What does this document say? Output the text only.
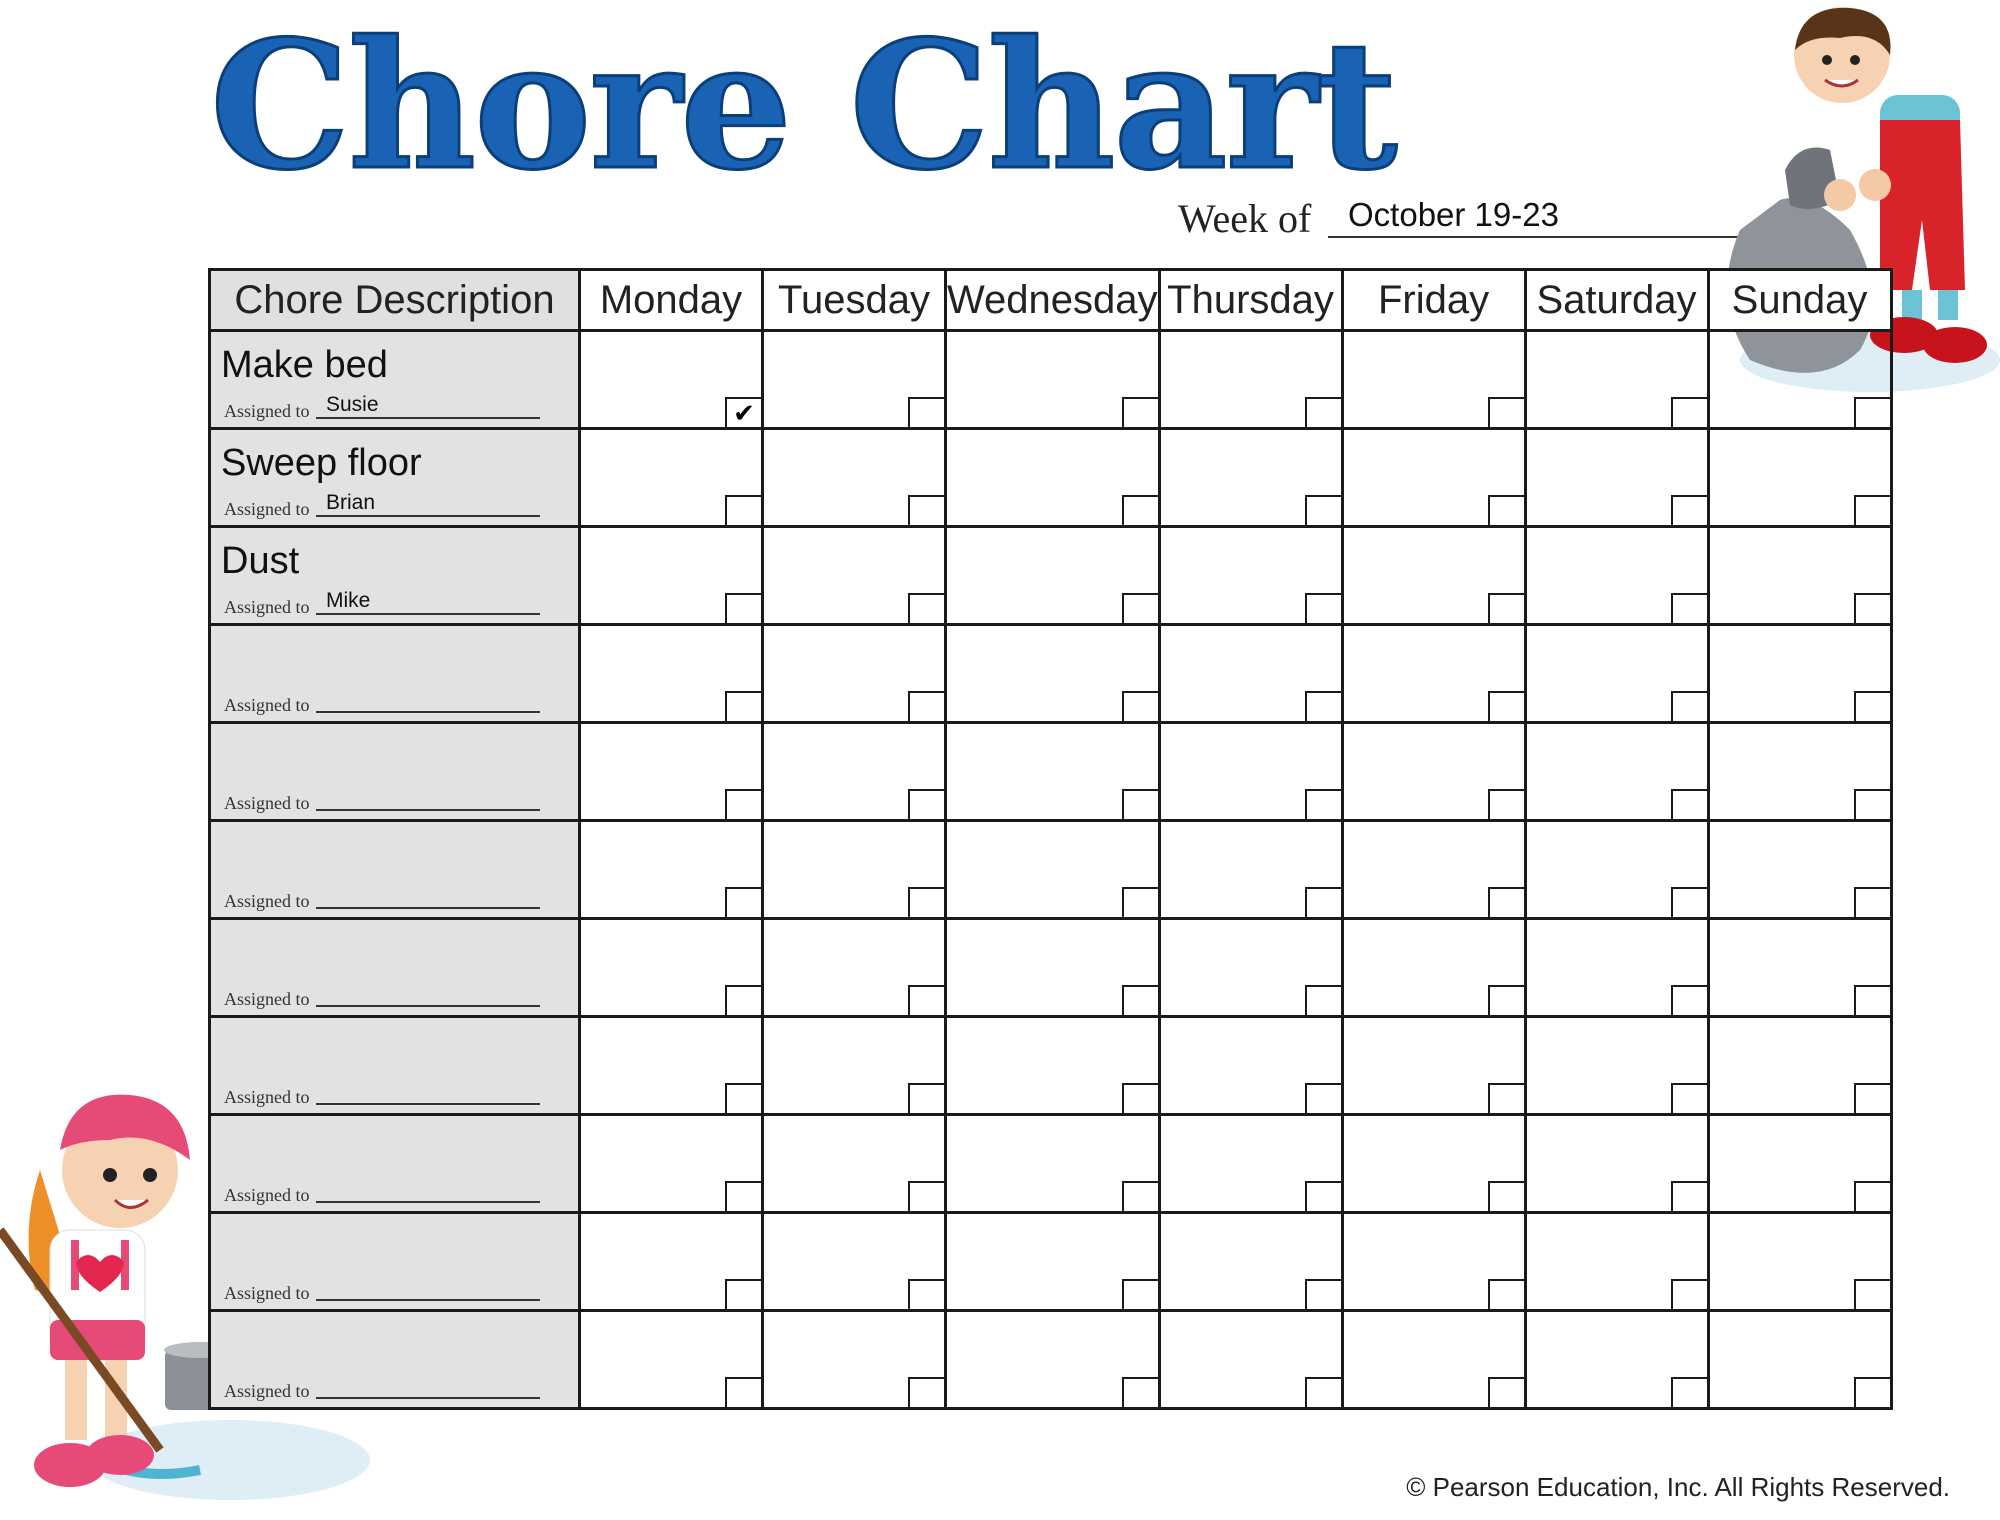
Chore Chart
Week of October 19-23
Chore Description	Monday	Tuesday	Wednesday	Thursday	Friday	Saturday	Sunday

Make bed
Assigned to Susie	✔						

Sweep floor
Assigned to Brian							

Dust
Assigned to Mike							

Assigned to							

Assigned to							

Assigned to							

Assigned to							

Assigned to							

Assigned to							

Assigned to							

Assigned to							

© Pearson Education, Inc. All Rights Reserved.
